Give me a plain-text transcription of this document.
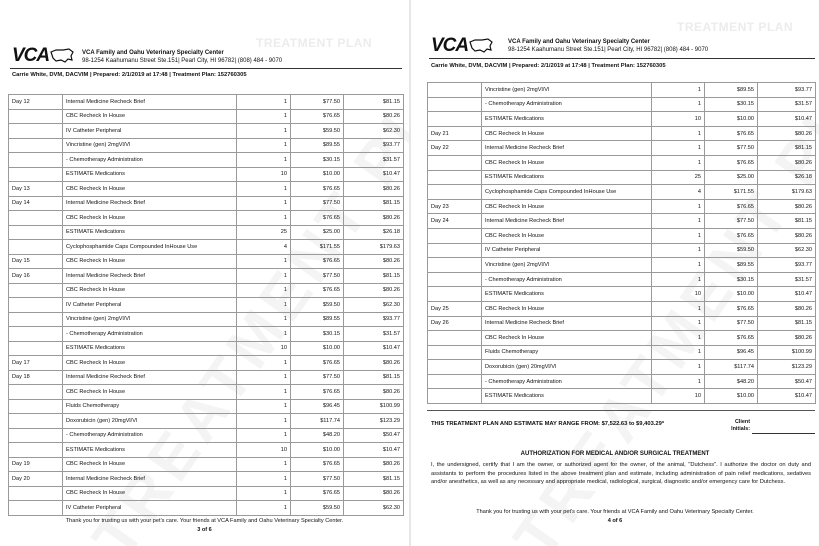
TREATMENT PLAN
VCA	VCA Family and Oahu Veterinary Specialty Center
98-1254 Kaahumanu Street Ste.151| Pearl City, HI 96782| (808) 484 - 9070
Carrie White, DVM, DACVIM | Prepared: 2/1/2019 at 17:48 | Treatment Plan: 152760305
Day 12	Internal Medicine Recheck Brief	1	$77.50	$81.15
	CBC Recheck In House	1	$76.65	$80.26
	IV Catheter Peripheral	1	$59.50	$62.30
	Vincristine (gen) 2mgVl/Vl	1	$89.55	$93.77
	- Chemotherapy Administration	1	$30.15	$31.57
	ESTIMATE Medications	10	$10.00	$10.47
Day 13	CBC Recheck In House	1	$76.65	$80.26
Day 14	Internal Medicine Recheck Brief	1	$77.50	$81.15
	CBC Recheck In House	1	$76.65	$80.26
	ESTIMATE Medications	25	$25.00	$26.18
	Cyclophosphamide Caps Compounded InHouse Use	4	$171.55	$179.63
Day 15	CBC Recheck In House	1	$76.65	$80.26
Day 16	Internal Medicine Recheck Brief	1	$77.50	$81.15
	CBC Recheck In House	1	$76.65	$80.26
	IV Catheter Peripheral	1	$59.50	$62.30
	Vincristine (gen) 2mgVl/Vl	1	$89.55	$93.77
	- Chemotherapy Administration	1	$30.15	$31.57
	ESTIMATE Medications	10	$10.00	$10.47
Day 17	CBC Recheck In House	1	$76.65	$80.26
Day 18	Internal Medicine Recheck Brief	1	$77.50	$81.15
	CBC Recheck In House	1	$76.65	$80.26
	Fluids Chemotherapy	1	$96.45	$100.99
	Doxorubicin (gen) 20mgVl/Vl	1	$117.74	$123.29
	- Chemotherapy Administration	1	$48.20	$50.47
	ESTIMATE Medications	10	$10.00	$10.47
Day 19	CBC Recheck In House	1	$76.65	$80.26
Day 20	Internal Medicine Recheck Brief	1	$77.50	$81.15
	CBC Recheck In House	1	$76.65	$80.26
	IV Catheter Peripheral	1	$59.50	$62.30
Thank you for trusting us with your pet's care. Your friends at VCA Family and Oahu Veterinary Specialty Center.
3 of 6
TREATMENT PLAN
VCA	VCA Family and Oahu Veterinary Specialty Center
98-1254 Kaahumanu Street Ste.151| Pearl City, HI 96782| (808) 484 - 9070
Carrie White, DVM, DACVIM | Prepared: 2/1/2019 at 17:48 | Treatment Plan: 152760305
	Vincristine (gen) 2mgVl/Vl	1	$89.55	$93.77
	- Chemotherapy Administration	1	$30.15	$31.57
	ESTIMATE Medications	10	$10.00	$10.47
Day 21	CBC Recheck In House	1	$76.65	$80.26
Day 22	Internal Medicine Recheck Brief	1	$77.50	$81.15
	CBC Recheck In House	1	$76.65	$80.26
	ESTIMATE Medications	25	$25.00	$26.18
	Cyclophosphamide Caps Compounded InHouse Use	4	$171.55	$179.63
Day 23	CBC Recheck In House	1	$76.65	$80.26
Day 24	Internal Medicine Recheck Brief	1	$77.50	$81.15
	CBC Recheck In House	1	$76.65	$80.26
	IV Catheter Peripheral	1	$59.50	$62.30
	Vincristine (gen) 2mgVl/Vl	1	$89.55	$93.77
	- Chemotherapy Administration	1	$30.15	$31.57
	ESTIMATE Medications	10	$10.00	$10.47
Day 25	CBC Recheck In House	1	$76.65	$80.26
Day 26	Internal Medicine Recheck Brief	1	$77.50	$81.15
	CBC Recheck In House	1	$76.65	$80.26
	Fluids Chemotherapy	1	$96.45	$100.99
	Doxorubicin (gen) 20mgVl/Vl	1	$117.74	$123.29
	- Chemotherapy Administration	1	$48.20	$50.47
	ESTIMATE Medications	10	$10.00	$10.47
THIS TREATMENT PLAN AND ESTIMATE MAY RANGE FROM: $7,522.63 to $9,403.29*	Client
Initials:
AUTHORIZATION FOR MEDICAL AND/OR SURGICAL TREATMENT
I, the undersigned, certify that I am the owner, or authorized agent for the owner, of the animal, "Dutchess". I authorize the doctor on duty and assistants to perform the procedures listed in the above treatment plan and estimate, including administration of pain relief medications, sedatives and/or anesthetics, as well as any necessary and appropriate medical, radiological, surgical, diagnostic and/or emergency care for Dutchess.
Thank you for trusting us with your pet's care. Your friends at VCA Family and Oahu Veterinary Specialty Center.
4 of 6
